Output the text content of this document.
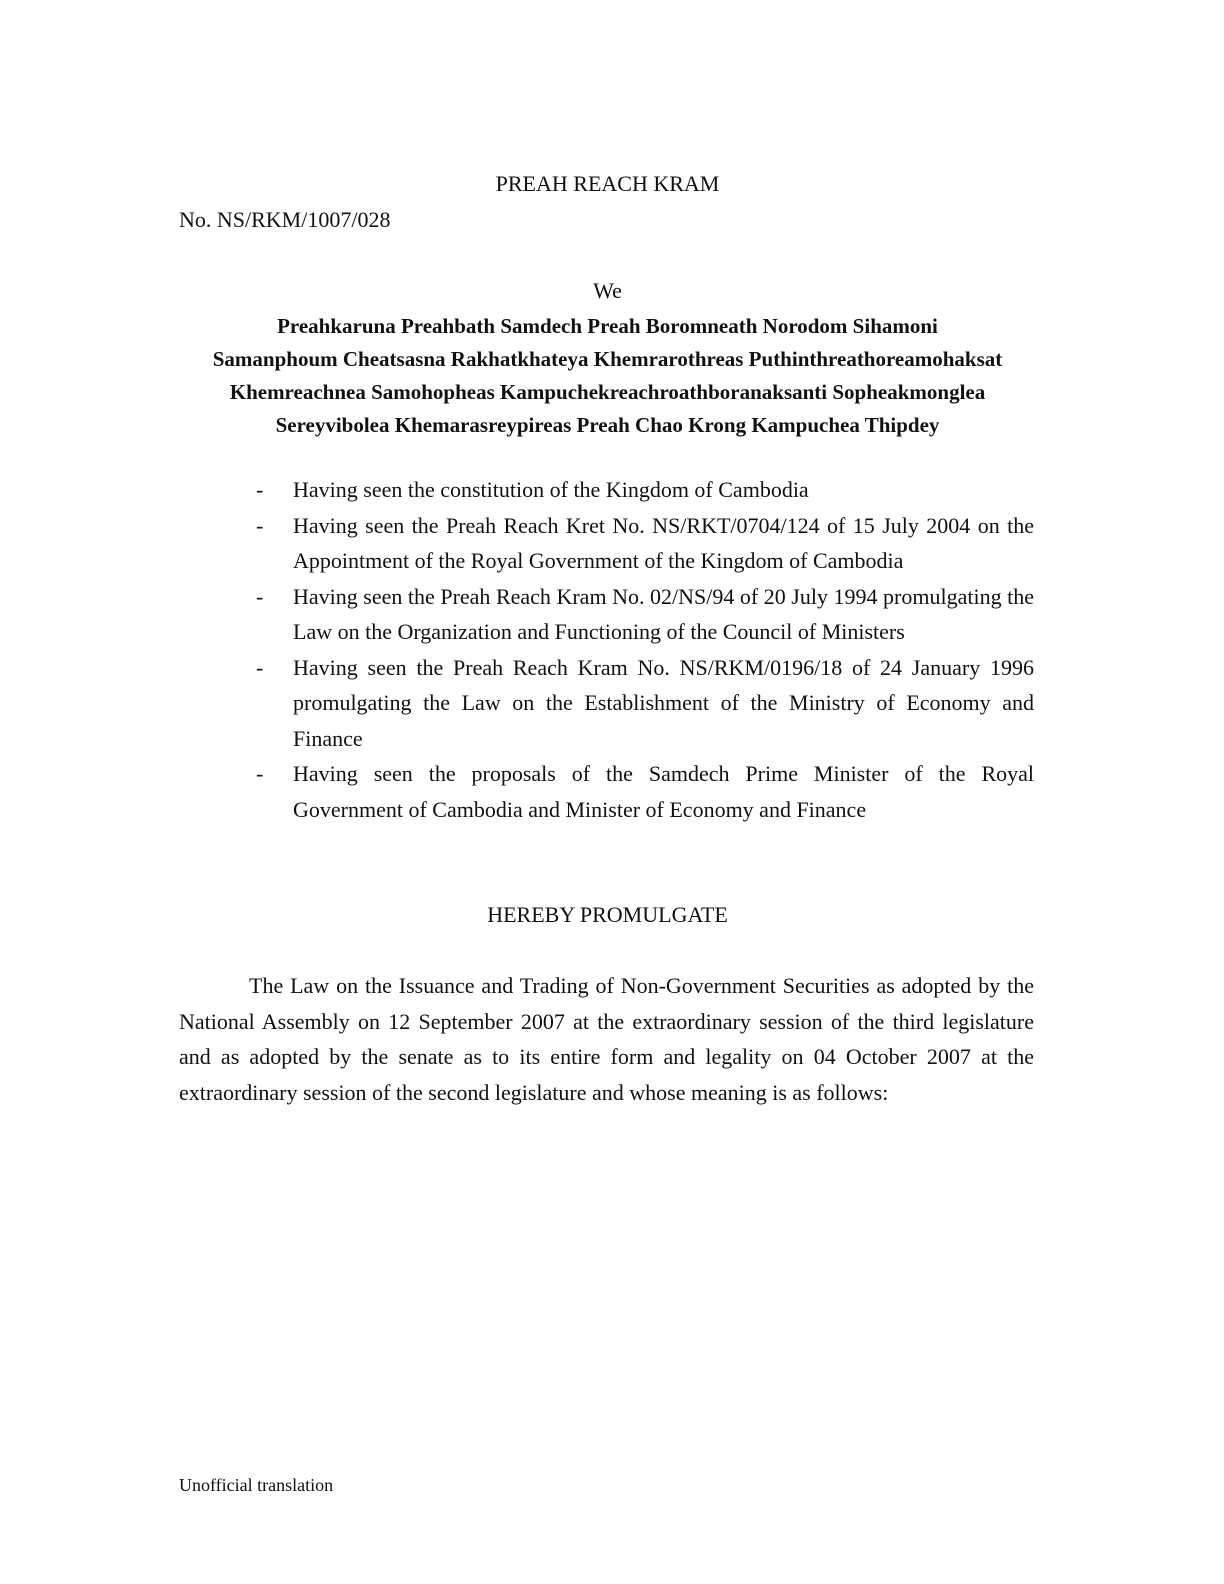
PREAH REACH KRAM

No. NS/RKM/1007/028

We

Preahkaruna Preahbath Samdech Preah Boromneath Norodom Sihamoni
Samanphoum Cheatsasna Rakhatkhateya Khemrarothreas Puthinthreathoreamohaksat
Khemreachnea Samohopheas Kampuchekreachroathboranaksanti Sopheakmonglea
Sereyvibolea Khemarasreypireas Preah Chao Krong Kampuchea Thipdey
- Having seen the constitution of the Kingdom of Cambodia
- Having seen the Preah Reach Kret No. NS/RKT/0704/124 of 15 July 2004 on the Appointment of the Royal Government of the Kingdom of Cambodia
- Having seen the Preah Reach Kram No. 02/NS/94 of 20 July 1994 promulgating the Law on the Organization and Functioning of the Council of Ministers
- Having seen the Preah Reach Kram No. NS/RKM/0196/18 of 24 January 1996 promulgating the Law on the Establishment of the Ministry of Economy and Finance
- Having seen the proposals of the Samdech Prime Minister of the Royal Government of Cambodia and Minister of Economy and Finance

HEREBY PROMULGATE

The Law on the Issuance and Trading of Non-Government Securities as adopted by the National Assembly on 12 September 2007 at the extraordinary session of the third legislature and as adopted by the senate as to its entire form and legality on 04 October 2007 at the extraordinary session of the second legislature and whose meaning is as follows:

Unofficial translation
